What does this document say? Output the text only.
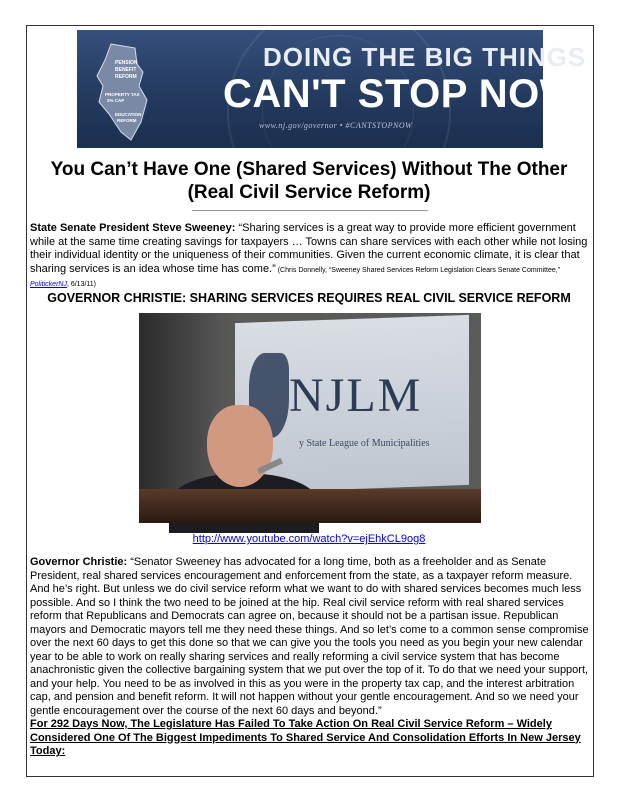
PENSION
BENEFIT
REFORM
PROPERTY TAX
2% CAP
EDUCATION
REFORM
DOING THE BIG THINGS
CAN'T STOP NOW!
www.nj.gov/governor • #CANTSTOPNOW
You Can’t Have One (Shared Services) Without The Other (Real Civil Service Reform)
State Senate President Steve Sweeney: “Sharing services is a great way to provide more efficient government while at the same time creating savings for taxpayers … Towns can share services with each other while not losing their individual identity or the uniqueness of their communities. Given the current economic climate, it is clear that sharing services is an idea whose time has come.” (Chris Donnelly, “Sweeney Shared Services Reform Legislation Clears Senate Committee,” PolitickerNJ, 6/13/11)
GOVERNOR CHRISTIE: SHARING SERVICES REQUIRES REAL CIVIL SERVICE REFORM
NJLM
y State League of Municipalities
http://www.youtube.com/watch?v=ejEhkCL9og8
Governor Christie: “Senator Sweeney has advocated for a long time, both as a freeholder and as Senate President, real shared services encouragement and enforcement from the state, as a taxpayer reform measure. And he’s right. But unless we do civil service reform what we want to do with shared services becomes much less possible. And so I think the two need to be joined at the hip. Real civil service reform with real shared services reform that Republicans and Democrats can agree on, because it should not be a partisan issue. Republican mayors and Democratic mayors tell me they need these things. And so let’s come to a common sense compromise over the next 60 days to get this done so that we can give you the tools you need as you begin your new calendar year to be able to work on really sharing services and really reforming a civil service system that has become anachronistic given the collective bargaining system that we put over the top of it. To do that we need your support, and your help. You need to be as involved in this as you were in the property tax cap, and the interest arbitration cap, and pension and benefit reform. It will not happen without your gentle encouragement. And so we need your gentle encouragement over the course of the next 60 days and beyond.”
For 292 Days Now, The Legislature Has Failed To Take Action On Real Civil Service Reform – Widely Considered One Of The Biggest Impediments To Shared Service And Consolidation Efforts In New Jersey Today:
